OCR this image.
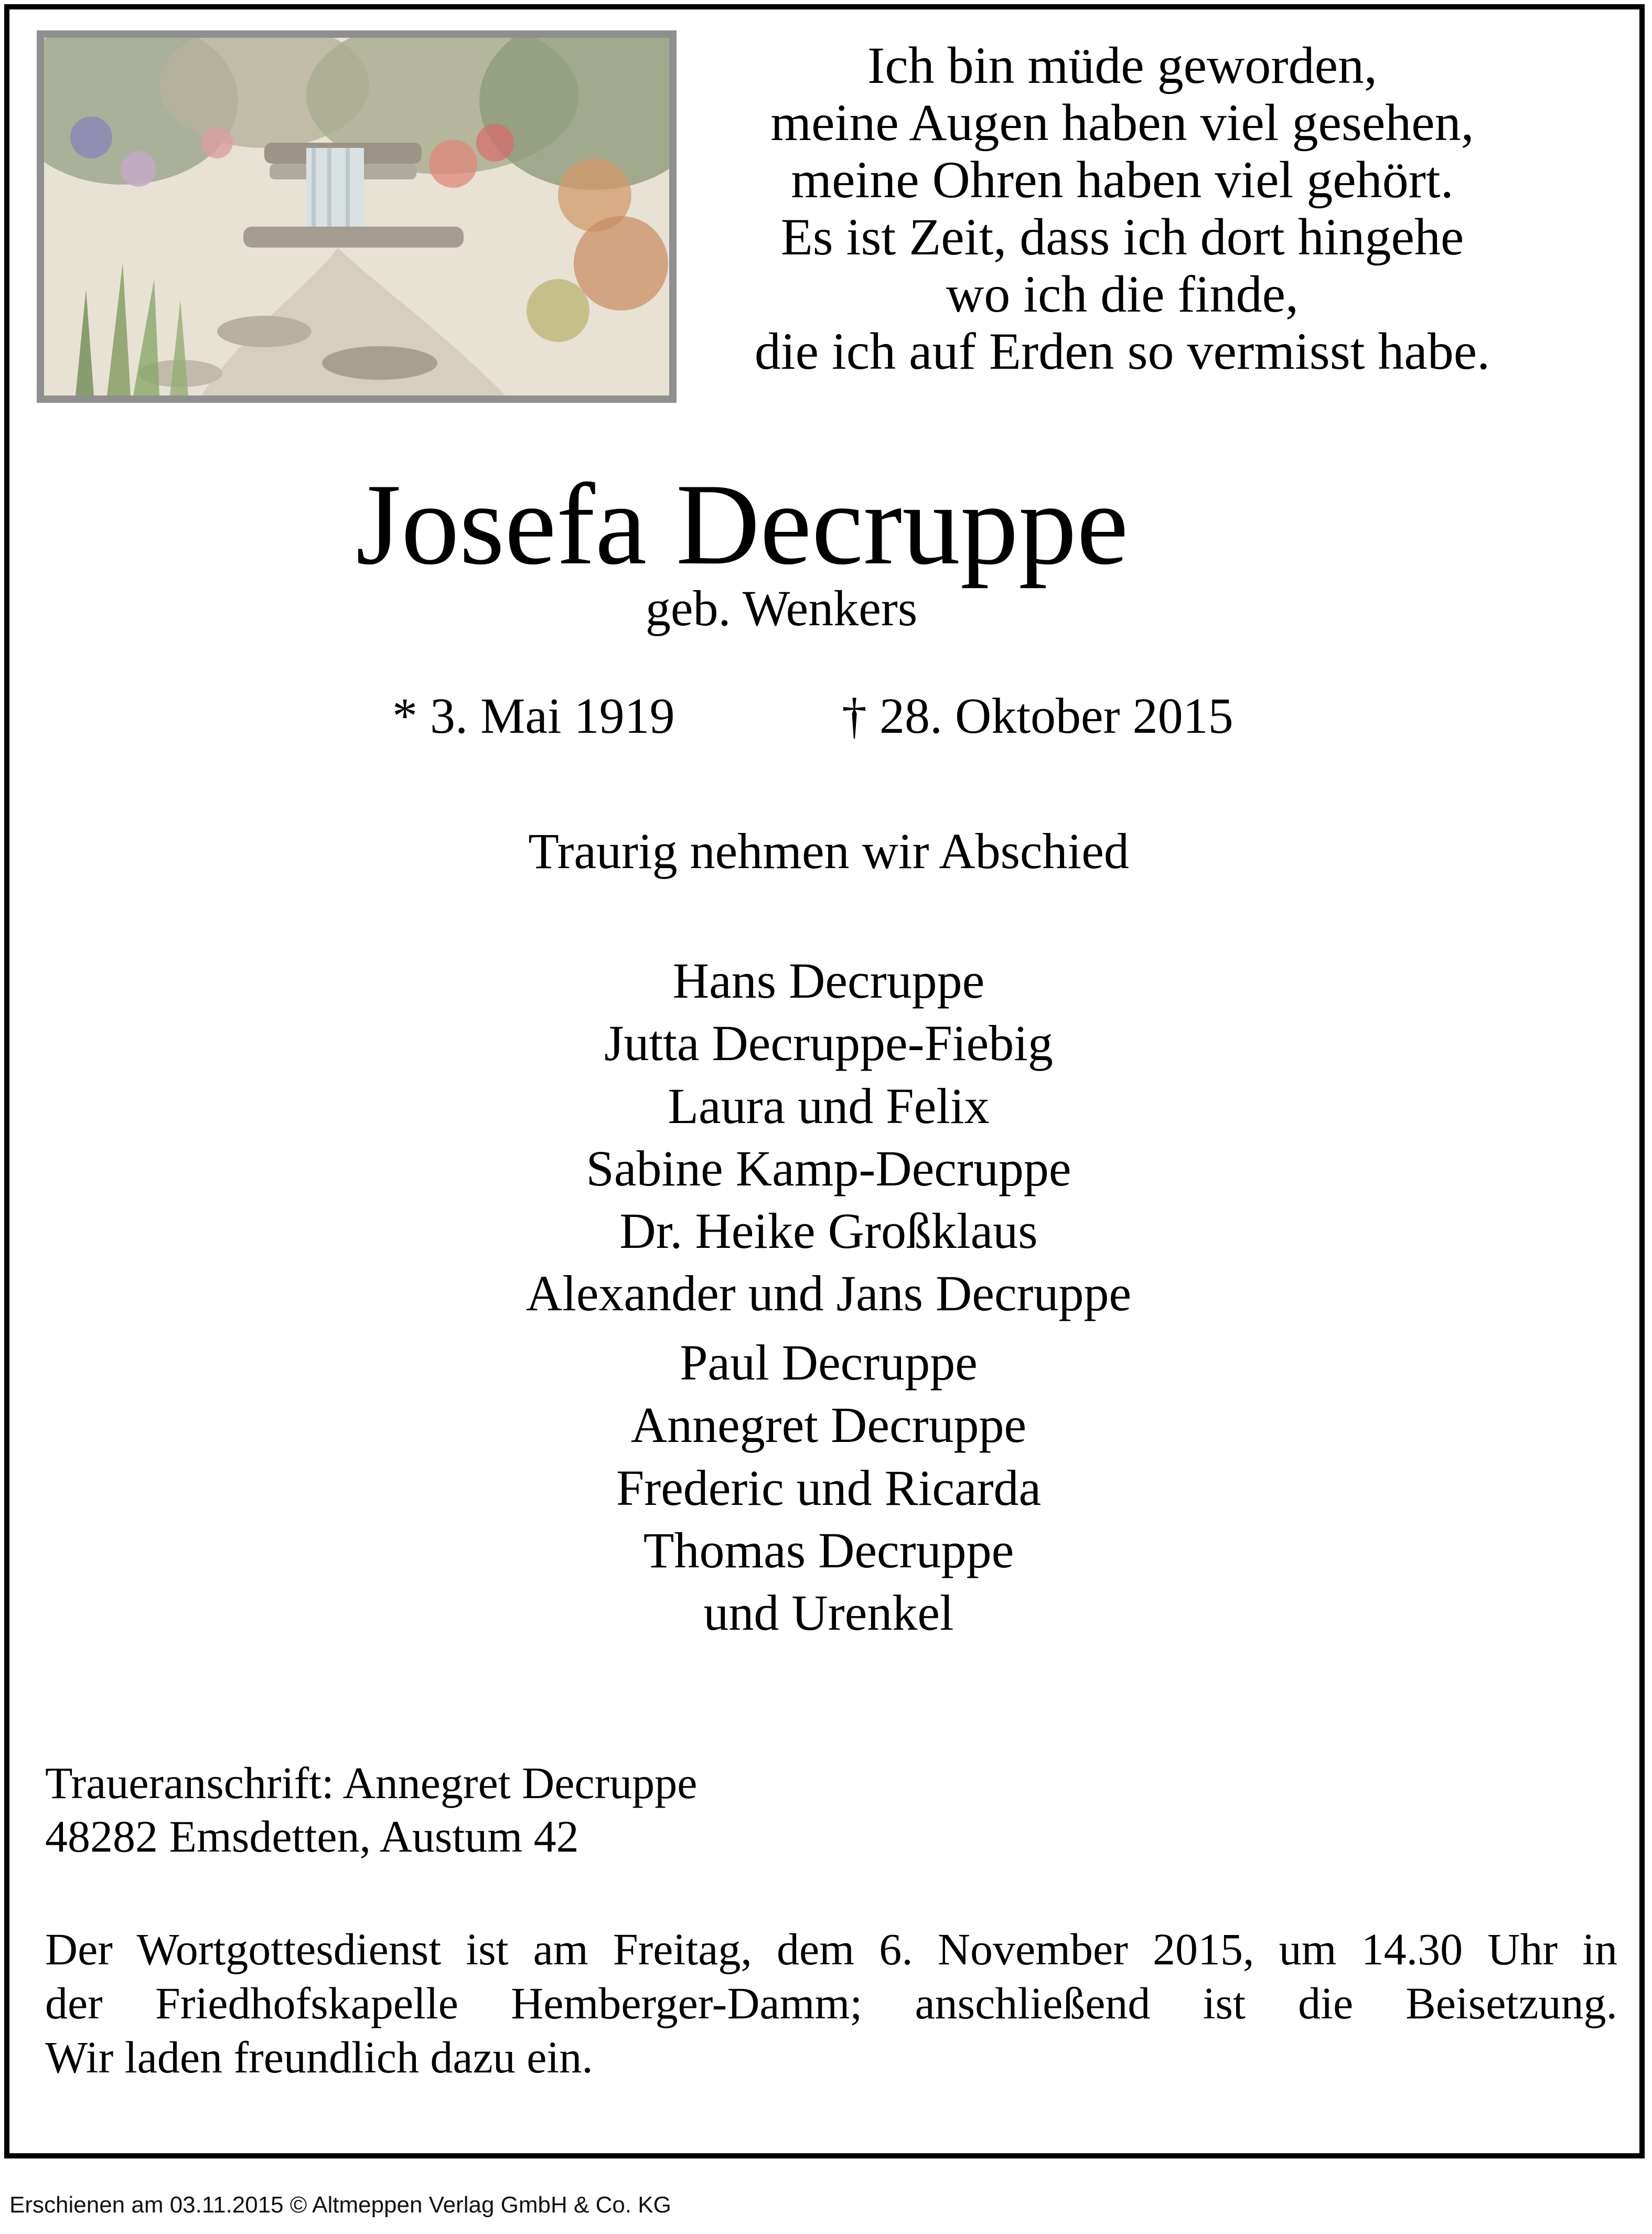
Ich bin müde geworden,
meine Augen haben viel gesehen,
meine Ohren haben viel gehört.
Es ist Zeit, dass ich dort hingehe
wo ich die finde,
die ich auf Erden so vermisst habe.
Josefa Decruppe
geb. Wenkers
* 3. Mai 1919	† 28. Oktober 2015
Traurig nehmen wir Abschied
Hans Decruppe
Jutta Decruppe-Fiebig
Laura und Felix
Sabine Kamp-Decruppe
Dr. Heike Großklaus
Alexander und Jans Decruppe
Paul Decruppe
Annegret Decruppe
Frederic und Ricarda
Thomas Decruppe
und Urenkel
Traueranschrift: Annegret Decruppe
48282 Emsdetten, Austum 42
Der Wortgottesdienst ist am Freitag, dem 6. November 2015, um 14.30 Uhr in
der Friedhofskapelle Hemberger-Damm; anschließend ist die Beisetzung.
Wir laden freundlich dazu ein.
Erschienen am 03.11.2015 © Altmeppen Verlag GmbH & Co. KG
